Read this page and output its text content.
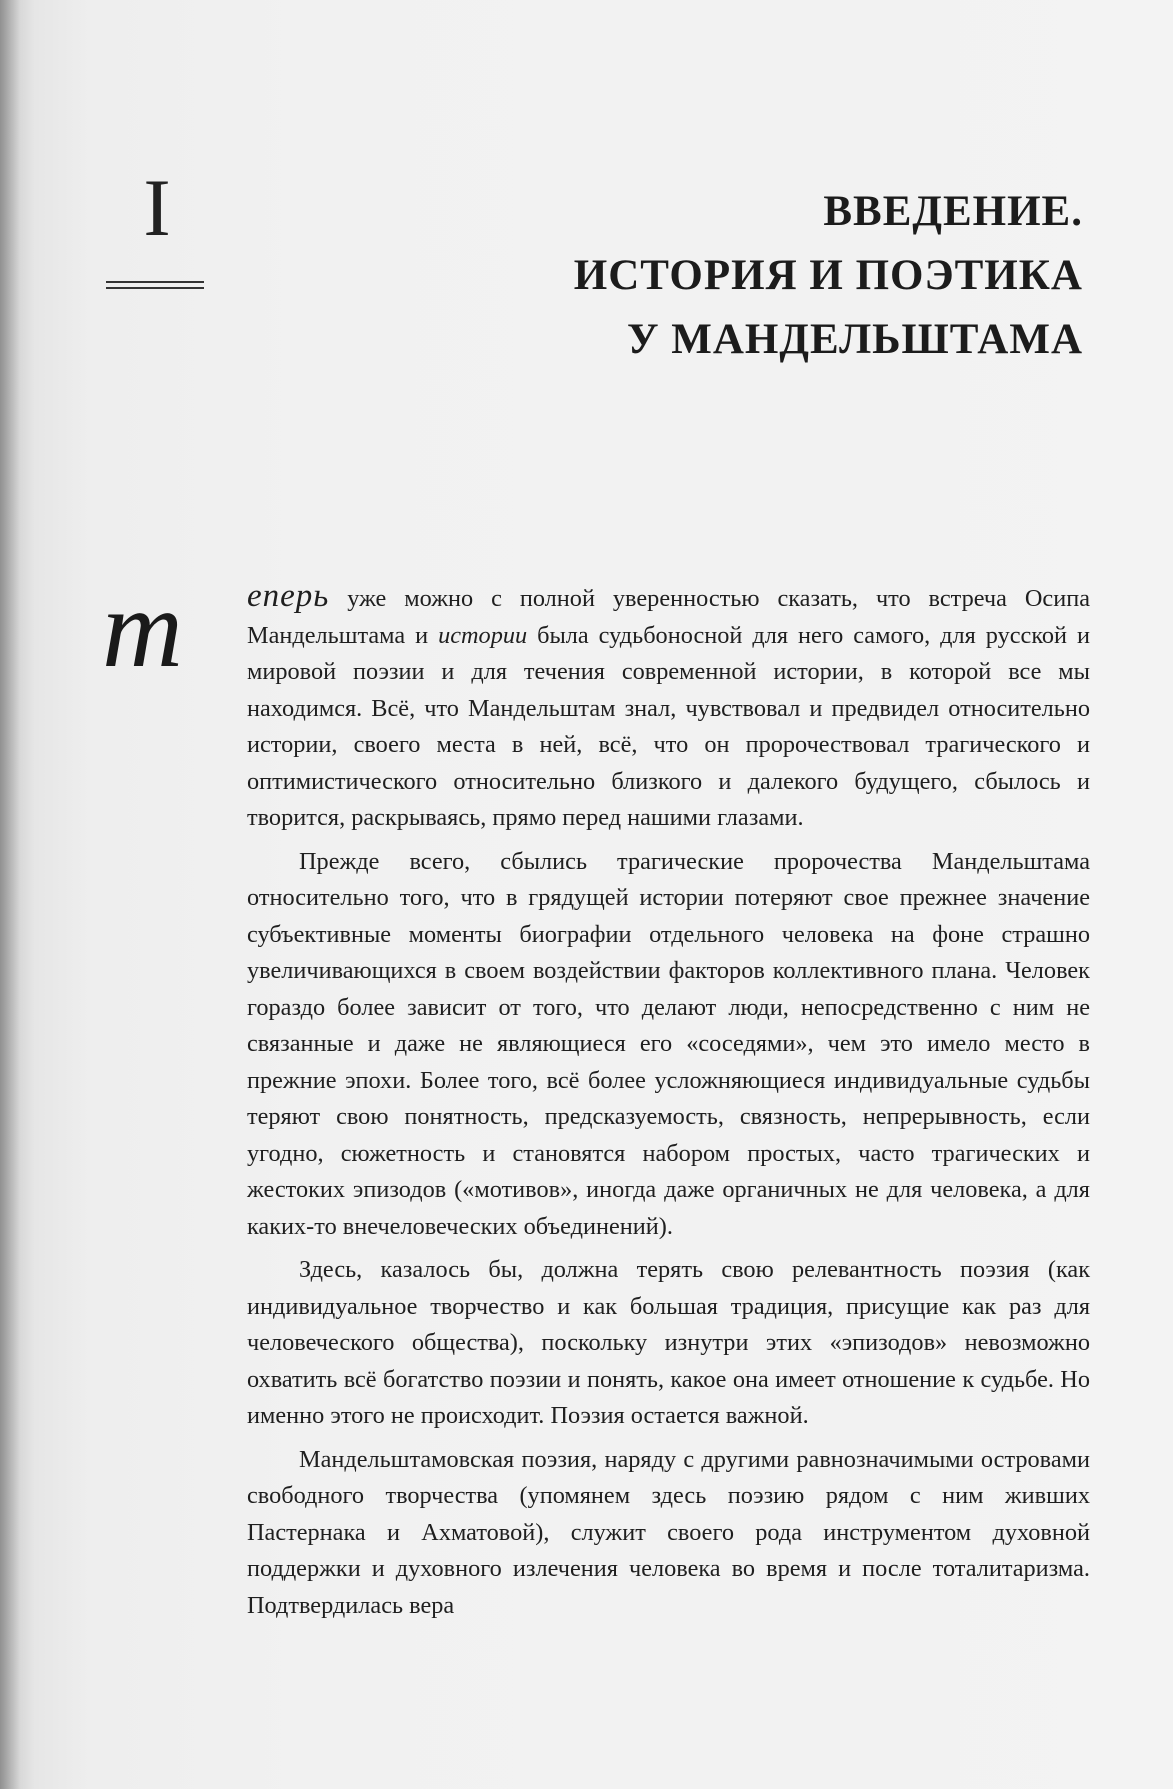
I	ВВЕДЕНИЕ.
ИСТОРИЯ И ПОЭТИКА
У МАНДЕЛЬШТАМА

т еперь уже можно с полной уверенностью сказать, что встреча Осипа Мандельштама и истории была судьбоносной для него самого, для русской и мировой поэзии и для течения современной истории, в которой все мы находимся. Всё, что Мандельштам знал, чувствовал и предвидел относительно истории, своего места в ней, всё, что он пророчествовал трагического и оптимистического относительно близкого и далекого будущего, сбылось и творится, раскрываясь, прямо перед нашими глазами.

Прежде всего, сбылись трагические пророчества Мандельштама относительно того, что в грядущей истории потеряют свое прежнее значение субъективные моменты биографии отдельного человека на фоне страшно увеличивающихся в своем воздействии факторов коллективного плана. Человек гораздо более зависит от того, что делают люди, непосредственно с ним не связанные и даже не являющиеся его «соседями», чем это имело место в прежние эпохи. Более того, всё более усложняющиеся индивидуальные судьбы теряют свою понятность, предсказуемость, связность, непрерывность, если угодно, сюжетность и становятся набором простых, часто трагических и жестоких эпизодов («мотивов», иногда даже органичных не для человека, а для каких-то внечеловеческих объединений).

Здесь, казалось бы, должна терять свою релевантность поэзия (как индивидуальное творчество и как большая традиция, присущие как раз для человеческого общества), поскольку изнутри этих «эпизодов» невозможно охватить всё богатство поэзии и понять, какое она имеет отношение к судьбе. Но именно этого не происходит. Поэзия остается важной.

Мандельштамовская поэзия, наряду с другими равнозначимыми островами свободного творчества (упомянем здесь поэзию рядом с ним живших Пастернака и Ахматовой), служит своего рода инструментом духовной поддержки и духовного излечения человека во время и после тоталитаризма. Подтвердилась вера
